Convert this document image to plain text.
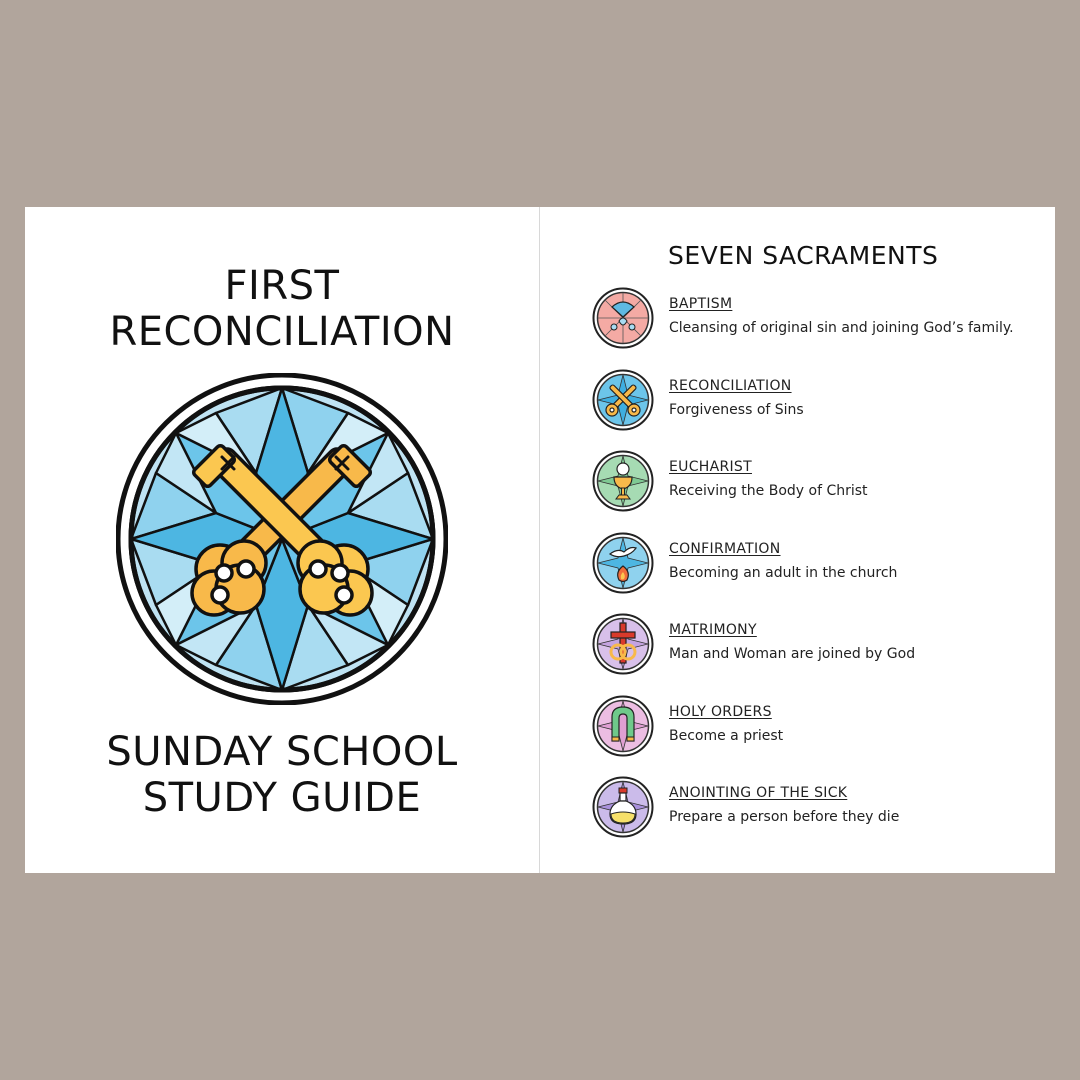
FIRST
RECONCILIATION
SUNDAY SCHOOL
STUDY GUIDE
SEVEN SACRAMENTS
BAPTISM
Cleansing of original sin and joining God’s family.
RECONCILIATION
Forgiveness of Sins
EUCHARIST
Receiving the Body of Christ
CONFIRMATION
Becoming an adult in the church
MATRIMONY
Man and Woman are joined by God
HOLY ORDERS
Become a priest
ANOINTING OF THE SICK
Prepare a person before they die
